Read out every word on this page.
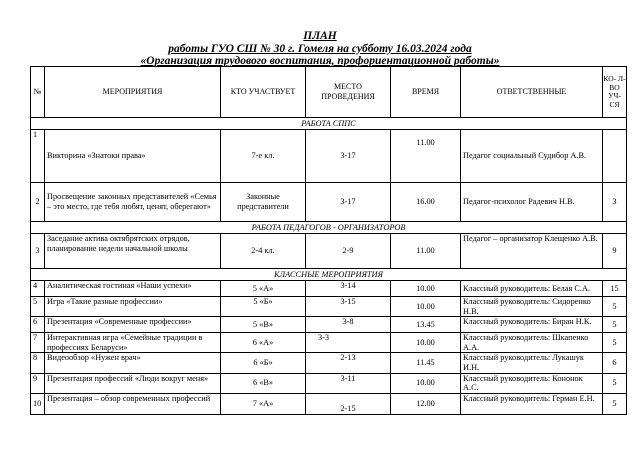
ПЛАН
работы ГУО СШ № 30 г. Гомеля на субботу 16.03.2024 года
«Организация трудового воспитания, профориентационной работы»
№	МЕРОПРИЯТИЯ	КТО УЧАСТВУЕТ	МЕСТО ПРОВЕДЕНИЯ	ВРЕМЯ	ОТВЕТСТВЕННЫЕ	КО- Л- ВО УЧ- СЯ
РАБОТА СППС						
1	Викторина «Знатоки права»	7-е кл.	3-17	11.00	Педагог социальный Судибор А.В.	
2	Просвещение законных представителей «Семья – это место, где тебя любят, ценят, оберегают»	Законные представители	3-17	16.00	Педагог-психолог Радевич Н.В.	3
РАБОТА ПЕДАГОГОВ - ОРГАНИЗАТОРОВ						
3	Заседание актива октябрятских отрядов, планирование недели начальной школы	2-4 кл.	2-9	11.00	Педагог – организатор Клещенко А.В.	9
КЛАССНЫЕ МЕРОПРИЯТИЯ						
4	Аналитическая гостиная «Наши успехи»	5 «А»	3-14	10.00	Классный руководитель: Белая С.А.	15
5	Игра «Такие разные профессии»	5 «Б»	3-15	10.00	Классный руководитель: Сидоренко Н.В.	5
6	Презентация «Современные профессии»	5 «В»	3-8	13.45	Классный руководитель: Биран Н.К.	5
7	Интерактивная игра «Семейные традиции в профессиях Беларуси»	6 «А»	3-3	10.00	Классный руководитель: Шкапенко А.А.	5
8	Видеообзор «Нужен врач»	6 «Б»	2-13	11.45	Классный руководитель: Лукашук И.Н.	6
9	Презентация профессий «Люди вокруг меня»	6 «В»	3-11	10.00	Классный руководитель: Кононок А.С.	5
10	Презентация – обзор современных профессий	7 «А»	2-15	12.00	Классный руководитель: Герман Е.Н.	5
